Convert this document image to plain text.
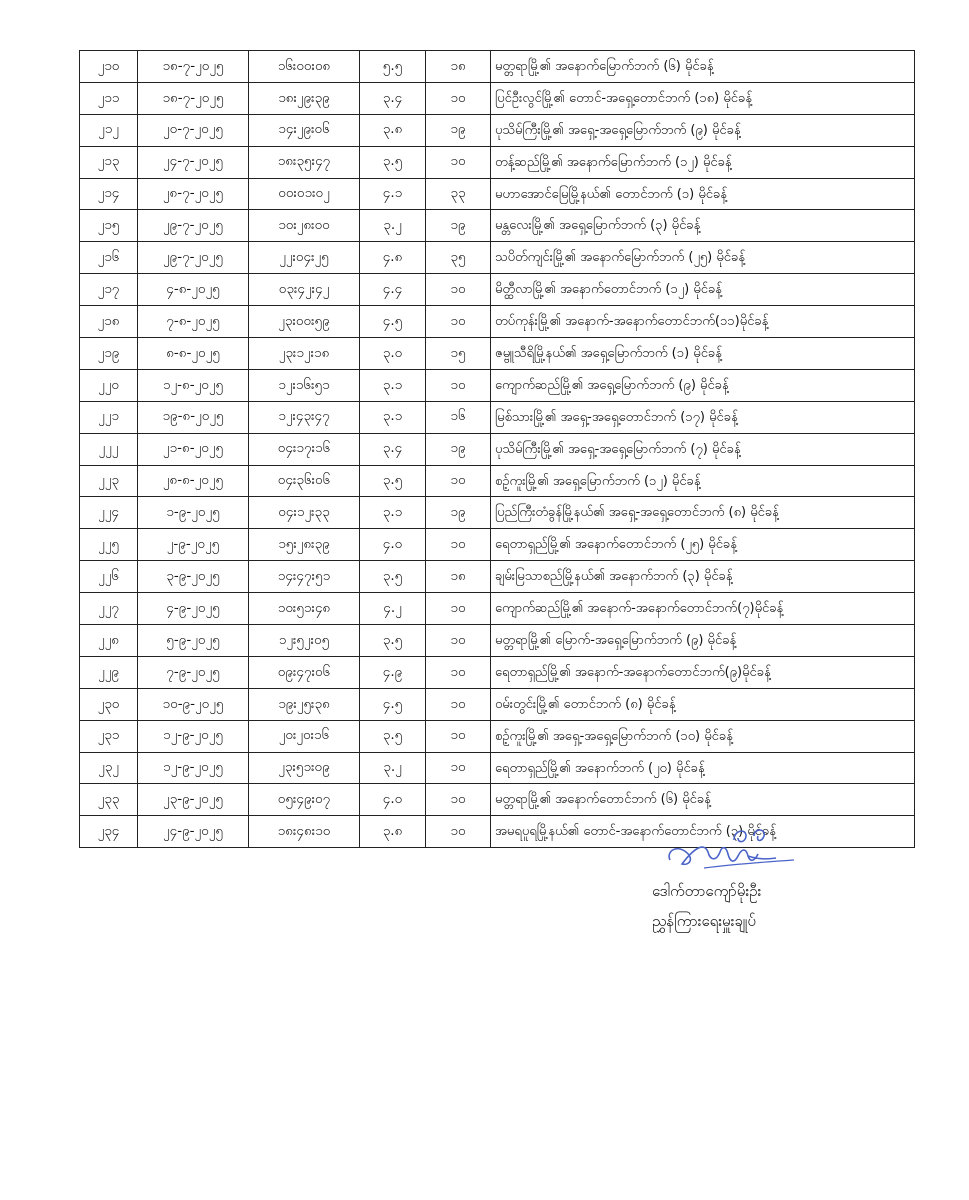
၂၁၀	၁၈-၇-၂၀၂၅	၁၆း၀၀း၀၈	၅.၅	၁၈	မတ္တရာမြို့၏ အနောက်မြောက်ဘက် (၆) မိုင်ခန့်
၂၁၁	၁၈-၇-၂၀၂၅	၁၈း၂၉း၃၉	၃.၄	၁၀	ပြင်ဦးလွင်မြို့၏ တောင်-အရှေ့တောင်ဘက် (၁၈) မိုင်ခန့်
၂၁၂	၂၀-၇-၂၀၂၅	၁၄း၂၉း၀၆	၃.၈	၁၉	ပုသိမ်ကြီးမြို့၏ အရှေ့-အရှေ့မြောက်ဘက် (၉) မိုင်ခန့်
၂၁၃	၂၄-၇-၂၀၂၅	၁၈း၃၅း၄၇	၃.၅	၁၀	တန့်ဆည်မြို့၏ အနောက်မြောက်ဘက် (၁၂) မိုင်ခန့်
၂၁၄	၂၈-၇-၂၀၂၅	၀၀း၀၁း၀၂	၄.၁	၃၃	မဟာအောင်မြေမြို့နယ်၏ တောင်ဘက် (၁) မိုင်ခန့်
၂၁၅	၂၉-၇-၂၀၂၅	၁၀း၂၈း၀၀	၃.၂	၁၉	မန္တလေးမြို့၏ အရှေ့မြောက်ဘက် (၃) မိုင်ခန့်
၂၁၆	၂၉-၇-၂၀၂၅	၂၂း၀၄း၂၅	၄.၈	၃၅	သပိတ်ကျင်းမြို့၏ အနောက်မြောက်ဘက် (၂၅) မိုင်ခန့်
၂၁၇	၄-၈-၂၀၂၅	၀၃း၄၂း၄၂	၄.၄	၁၀	မိတ္ထီလာမြို့၏ အနောက်တောင်ဘက် (၁၂) မိုင်ခန့်
၂၁၈	၇-၈-၂၀၂၅	၂၃း၀၀း၅၉	၄.၅	၁၀	တပ်ကုန်းမြို့၏ အနောက်-အနောက်တောင်ဘက်(၁၁)မိုင်ခန့်
၂၁၉	၈-၈-၂၀၂၅	၂၃း၁၂း၁၈	၃.၀	၁၅	ဇမ္ဗူသီရိမြို့နယ်၏ အရှေ့မြောက်ဘက် (၁) မိုင်ခန့်
၂၂၀	၁၂-၈-၂၀၂၅	၁၂း၁၆း၅၁	၃.၁	၁၀	ကျောက်ဆည်မြို့၏ အရှေ့မြောက်ဘက် (၉) မိုင်ခန့်
၂၂၁	၁၉-၈-၂၀၂၅	၁၂း၄၃း၄၇	၃.၁	၁၆	မြစ်သားမြို့၏ အရှေ့-အရှေ့တောင်ဘက် (၁၇) မိုင်ခန့်
၂၂၂	၂၁-၈-၂၀၂၅	၀၄း၁၇း၁၆	၃.၄	၁၉	ပုသိမ်ကြီးမြို့၏ အရှေ့-အရှေ့မြောက်ဘက် (၇) မိုင်ခန့်
၂၂၃	၂၈-၈-၂၀၂၅	၀၄း၃၆း၀၆	၃.၅	၁၀	စဉ့်ကူးမြို့၏ အရှေ့မြောက်ဘက် (၁၂) မိုင်ခန့်
၂၂၄	၁-၉-၂၀၂၅	၀၄း၁၂း၃၃	၃.၁	၁၉	ပြည်ကြီးတံခွန်မြို့နယ်၏ အရှေ့-အရှေ့တောင်ဘက် (၈) မိုင်ခန့်
၂၂၅	၂-၉-၂၀၂၅	၁၅း၂၈း၃၉	၄.၀	၁၀	ရေတာရှည်မြို့၏ အနောက်တောင်ဘက် (၂၅) မိုင်ခန့်
၂၂၆	၃-၉-၂၀၂၅	၁၄း၄၇း၅၁	၃.၅	၁၈	ချမ်းမြသာစည်မြို့နယ်၏ အနောက်ဘက် (၃) မိုင်ခန့်
၂၂၇	၄-၉-၂၀၂၅	၁၀း၅၁း၄၈	၄.၂	၁၀	ကျောက်ဆည်မြို့၏ အနောက်-အနောက်တောင်ဘက်(၇)မိုင်ခန့်
၂၂၈	၅-၉-၂၀၂၅	၁၂း၅၂း၀၅	၃.၅	၁၀	မတ္တရာမြို့၏ မြောက်-အရှေ့မြောက်ဘက် (၉) မိုင်ခန့်
၂၂၉	၇-၉-၂၀၂၅	၀၉း၄၇း၀၆	၄.၉	၁၀	ရေတာရှည်မြို့၏ အနောက်-အနောက်တောင်ဘက်(၉)မိုင်ခန့်
၂၃၀	၁၀-၉-၂၀၂၅	၁၉း၂၅း၃၈	၄.၅	၁၀	ဝမ်းတွင်းမြို့၏ တောင်ဘက် (၈) မိုင်ခန့်
၂၃၁	၁၂-၉-၂၀၂၅	၂၀း၂၀း၁၆	၃.၅	၁၀	စဉ့်ကူးမြို့၏ အရှေ့-အရှေ့မြောက်ဘက် (၁၀) မိုင်ခန့်
၂၃၂	၁၂-၉-၂၀၂၅	၂၃း၅၁း၀၉	၃.၂	၁၀	ရေတာရှည်မြို့၏ အနောက်ဘက် (၂၀) မိုင်ခန့်
၂၃၃	၂၃-၉-၂၀၂၅	၀၅း၄၉း၀၇	၄.၀	၁၀	မတ္တရာမြို့၏ အနောက်တောင်ဘက် (၆) မိုင်ခန့်
၂၃၄	၂၄-၉-၂၀၂၅	၁၈း၄၈း၁၀	၃.၈	၁၀	အမရပူရမြို့နယ်၏ တောင်-အနောက်တောင်ဘက် (၃) မိုင်ခန့်
ဒေါက်တာကျော်မိုးဦး
ညွှန်ကြားရေးမှူးချုပ်
